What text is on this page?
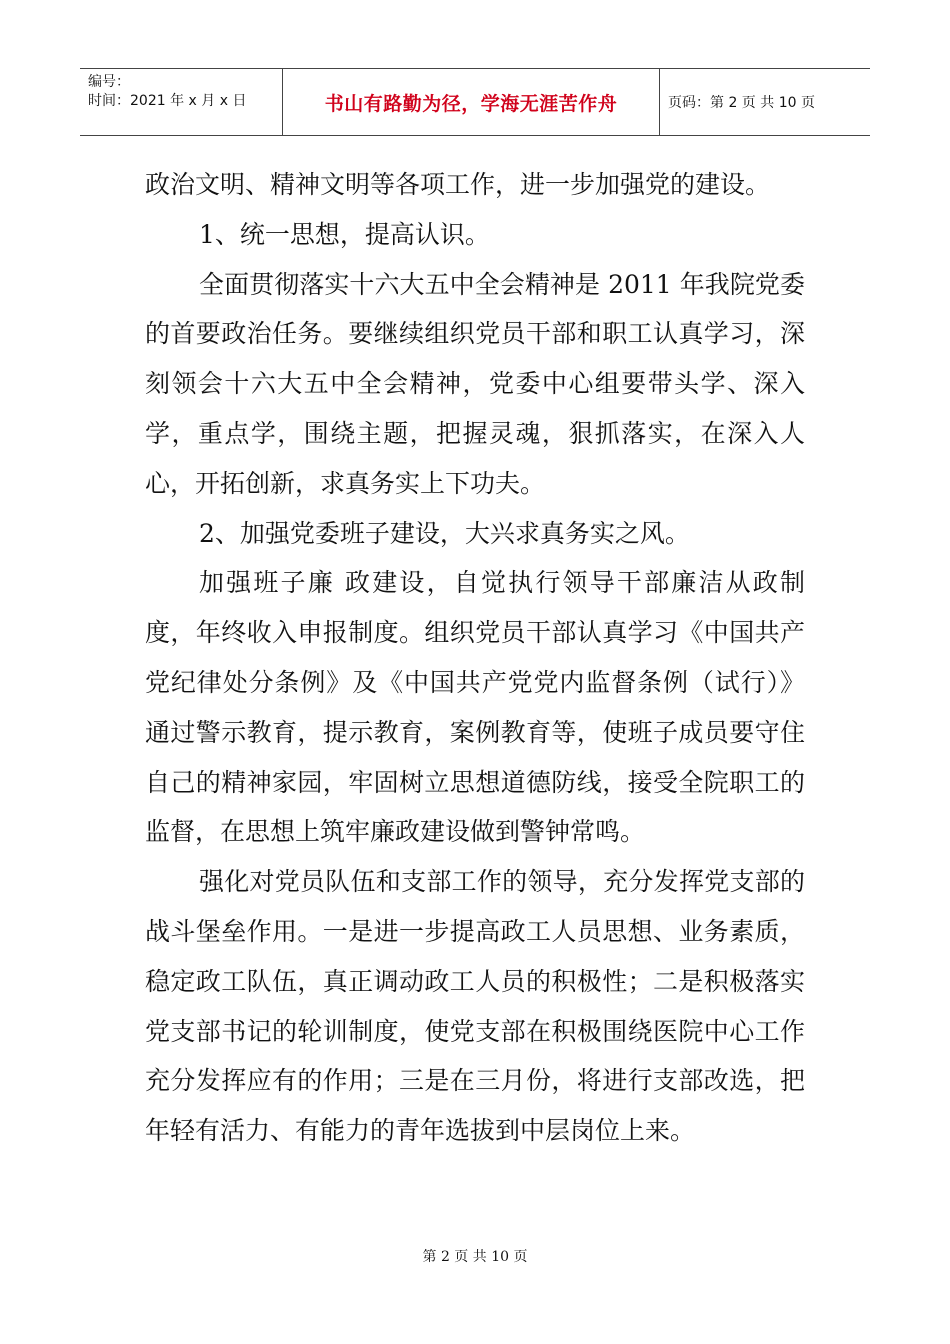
编号：
时间：2021 年 x 月 x 日	书山有路勤为径，学海无涯苦作舟	页码：第 2 页 共 10 页

政治文明、精神文明等各项工作，进一步加强党的建设。

1、统一思想，提高认识。

全面贯彻落实十六大五中全会精神是 2011 年我院党委的首要政治任务。要继续组织党员干部和职工认真学习，深刻领会十六大五中全会精神，党委中心组要带头学、深入学，重点学，围绕主题，把握灵魂，狠抓落实，在深入人心，开拓创新，求真务实上下功夫。

2、加强党委班子建设，大兴求真务实之风。

加强班子廉 政建设，自觉执行领导干部廉洁从政制度，年终收入申报制度。组织党员干部认真学习《中国共产党纪律处分条例》及《中国共产党党内监督条例（试行）》通过警示教育，提示教育，案例教育等，使班子成员要守住自己的精神家园，牢固树立思想道德防线，接受全院职工的监督，在思想上筑牢廉政建设做到警钟常鸣。

强化对党员队伍和支部工作的领导，充分发挥党支部的战斗堡垒作用。一是进一步提高政工人员思想、业务素质，稳定政工队伍，真正调动政工人员的积极性；二是积极落实党支部书记的轮训制度，使党支部在积极围绕医院中心工作充分发挥应有的作用；三是在三月份，将进行支部改选，把年轻有活力、有能力的青年选拔到中层岗位上来。

第 2 页 共 10 页
